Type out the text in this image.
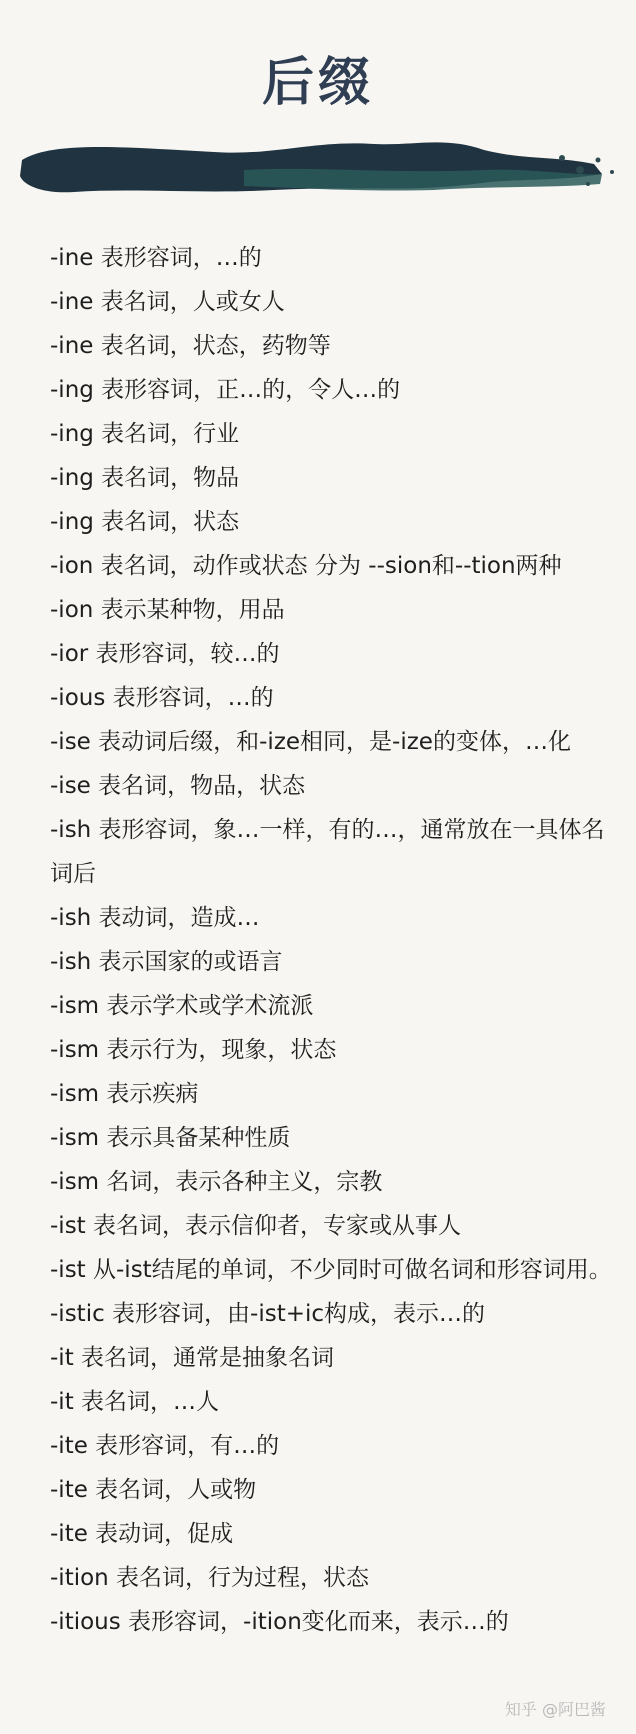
后缀
-ine 表形容词，…的
-ine 表名词，人或女人
-ine 表名词，状态，药物等
-ing 表形容词，正…的，令人…的
-ing 表名词，行业
-ing 表名词，物品
-ing 表名词，状态
-ion 表名词，动作或状态 分为 --sion和--tion两种
-ion 表示某种物，用品
-ior 表形容词，较…的
-ious 表形容词，…的
-ise 表动词后缀，和-ize相同，是-ize的变体，…化
-ise 表名词，物品，状态
-ish 表形容词，象…一样，有的…，通常放在一具体名词后
-ish 表动词，造成…
-ish 表示国家的或语言
-ism 表示学术或学术流派
-ism 表示行为，现象，状态
-ism 表示疾病
-ism 表示具备某种性质
-ism 名词，表示各种主义，宗教
-ist 表名词，表示信仰者，专家或从事人
-ist 从-ist结尾的单词，不少同时可做名词和形容词用。
-istic 表形容词，由-ist+ic构成，表示…的
-it 表名词，通常是抽象名词
-it 表名词，…人
-ite 表形容词，有…的
-ite 表名词，人或物
-ite 表动词，促成
-ition 表名词，行为过程，状态
-itious 表形容词，-ition变化而来，表示…的
知乎 @阿巴酱
